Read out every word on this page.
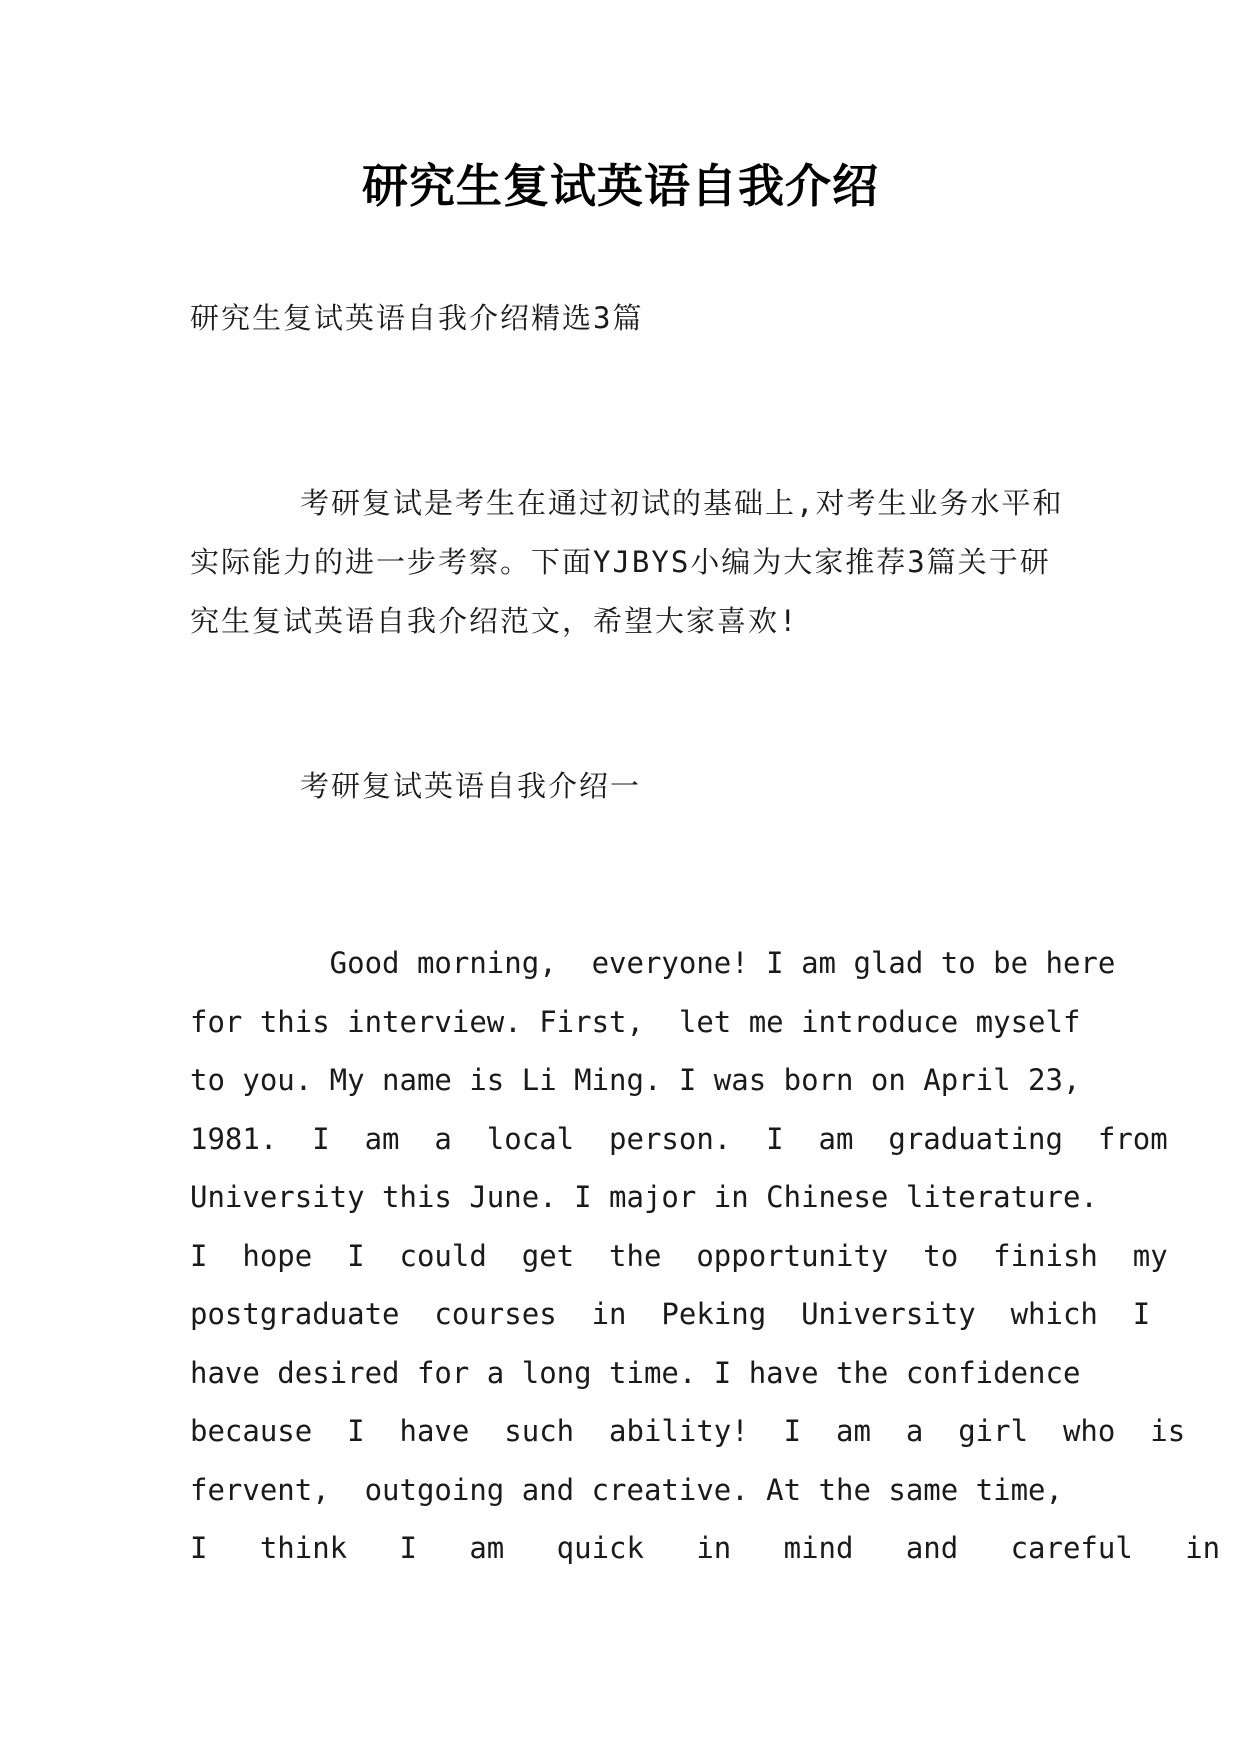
研究生复试英语自我介绍
研究生复试英语自我介绍精选3篇

考研复试是考生在通过初试的基础上,对考生业务水平和实际能力的进一步考察。下面YJBYS小编为大家推荐3篇关于研究生复试英语自我介绍范文，希望大家喜欢!

考研复试英语自我介绍一
Good morning,  everyone! I am glad to be here
for this interview. First,  let me introduce myself
to you. My name is Li Ming. I was born on April 23,
1981.  I  am  a  local  person.  I  am  graduating  from
University this June. I major in Chinese literature.
I  hope  I  could  get  the  opportunity  to  finish  my
postgraduate  courses  in  Peking  University  which  I
have desired for a long time. I have the confidence
because  I  have  such  ability!  I  am  a  girl  who  is
fervent,  outgoing and creative. At the same time,
I   think   I   am   quick   in   mind   and   careful   in
